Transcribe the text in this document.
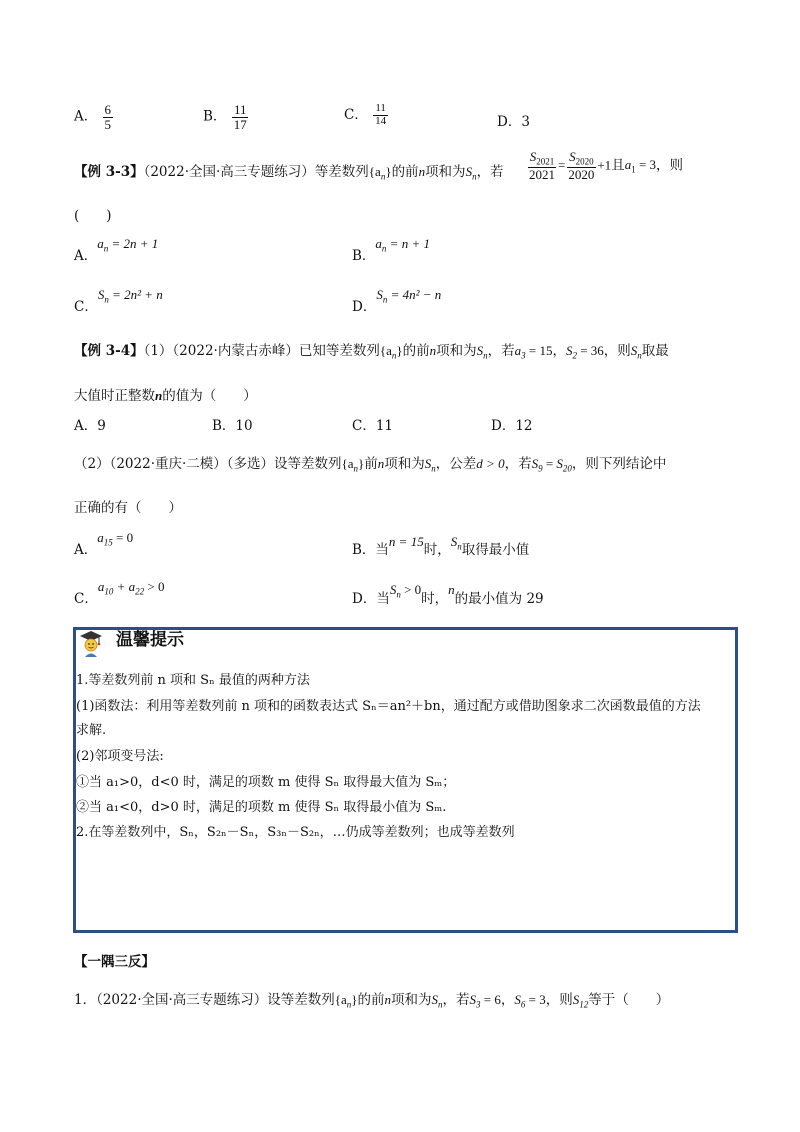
A． $\frac{6}{5}$	B． $\frac{11}{17}$	C． $\frac{11}{14}$	D．3
【例 3-3】（2022·全国·高三专题练习）等差数列$\{a_n\}$的前n项和为$S_n$，若 $\frac{S_{2021}}{2021} = \frac{S_{2020}}{2020} +1$且$a_1 = 3$，则
(　　)
A．$a_n = 2n + 1$
B．$a_n = n + 1$
C．$S_n = 2n^2 + n$
D．$S_n = 4n^2 - n$
【例 3-4】（1）（2022·内蒙古赤峰）已知等差数列$\{a_n\}$的前n项和为$S_n$，若$a_3 = 15$，$S_2 = 36$，则$S_n$取最
大值时正整数n的值为（　　）
A．9	B．10	C．11	D．12
（2）（2022·重庆·二模）（多选）设等差数列$\{a_n\}$前n项和为$S_n$，公差d > 0，若$S_9 = S_{20}$，则下列结论中
正确的有（　　）
A．$a_{15} = 0$
B．当n = 15时，$S_n$取得最小值
C．$a_{10} + a_{22} > 0$
D．当$S_n > 0$时，n的最小值为 29
温馨提示
1.等差数列前 n 项和 Sₙ 最值的两种方法
(1)函数法：利用等差数列前 n 项和的函数表达式 Sₙ＝an²＋bn，通过配方或借助图象求二次函数最值的方法
求解.
(2)邻项变号法:
①当 a₁>0，d<0 时，满足的项数 m 使得 Sₙ 取得最大值为 Sₘ；
②当 a₁<0，d>0 时，满足的项数 m 使得 Sₙ 取得最小值为 Sₘ.
2.在等差数列中，Sₙ，S₂ₙ－Sₙ，S₃ₙ－S₂ₙ，…仍成等差数列；也成等差数列
【一隅三反】
1．（2022·全国·高三专题练习）设等差数列$\{a_n\}$的前n项和为$S_n$，若$S_3 = 6$，$S_6 = 3$，则$S_{12}$等于（　　）
